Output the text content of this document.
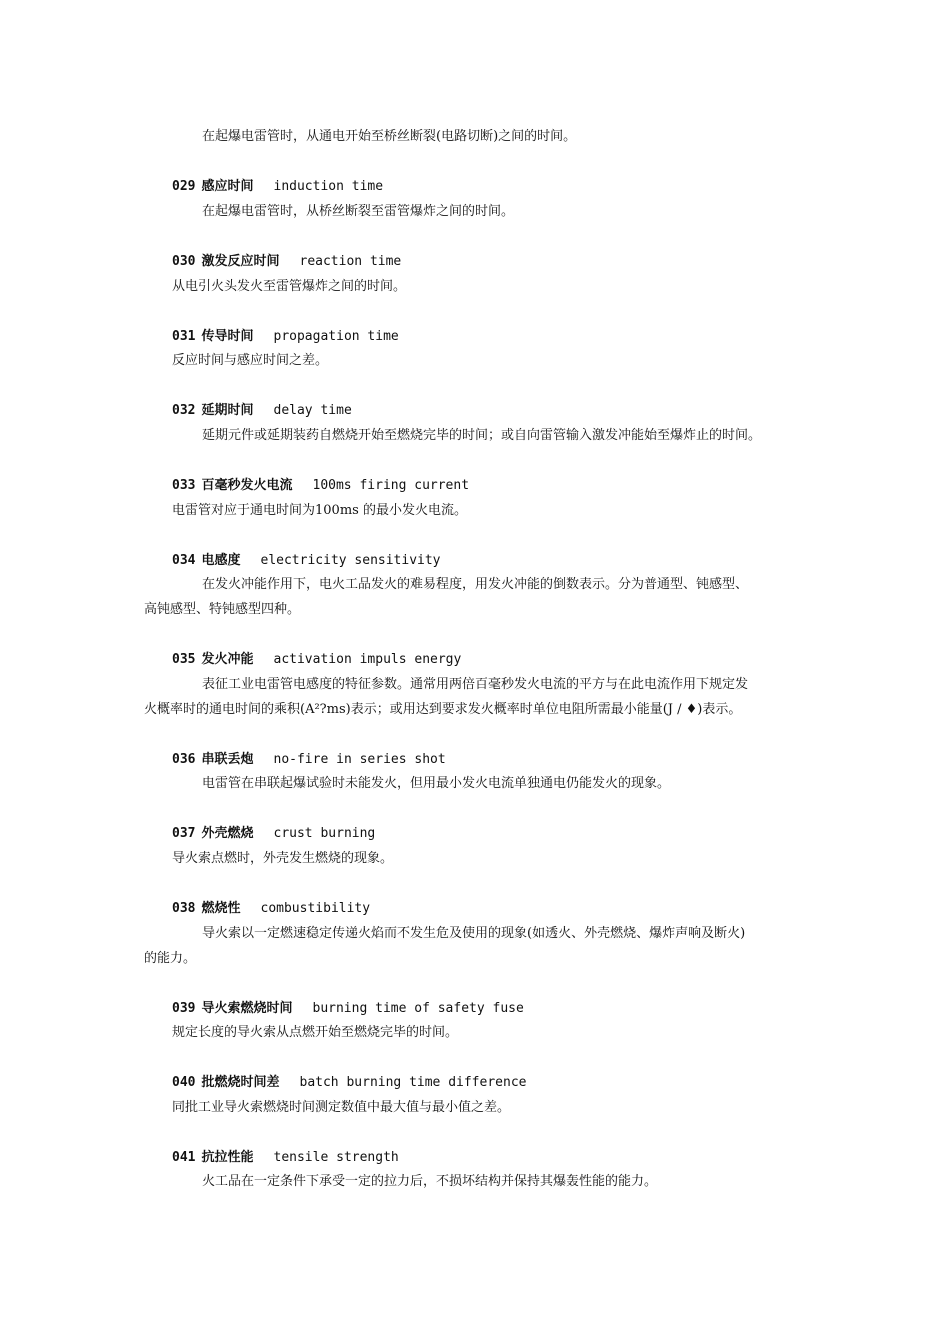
在起爆电雷管时，从通电开始至桥丝断裂(电路切断)之间的时间。
029 感应时间 induction time
在起爆电雷管时，从桥丝断裂至雷管爆炸之间的时间。
030 激发反应时间 reaction time
从电引火头发火至雷管爆炸之间的时间。
031 传导时间 propagation time
反应时间与感应时间之差。
032 延期时间 delay time
延期元件或延期装药自燃烧开始至燃烧完毕的时间；或自向雷管输入激发冲能始至爆炸止的时间。
033 百毫秒发火电流 100ms firing current
电雷管对应于通电时间为100ms 的最小发火电流。
034 电感度 electricity sensitivity
在发火冲能作用下，电火工品发火的难易程度，用发火冲能的倒数表示。分为普通型、钝感型、
高钝感型、特钝感型四种。
035 发火冲能 activation impuls energy
表征工业电雷管电感度的特征参数。通常用两倍百毫秒发火电流的平方与在此电流作用下规定发
火概率时的通电时间的乘积(A²?ms)表示；或用达到要求发火概率时单位电阻所需最小能量(J / ♦)表示。
036 串联丢炮 no-fire in series shot
电雷管在串联起爆试验时未能发火，但用最小发火电流单独通电仍能发火的现象。
037 外壳燃烧 crust burning
导火索点燃时，外壳发生燃烧的现象。
038 燃烧性 combustibility
导火索以一定燃速稳定传递火焰而不发生危及使用的现象(如透火、外壳燃烧、爆炸声响及断火)
的能力。
039 导火索燃烧时间 burning time of safety fuse
规定长度的导火索从点燃开始至燃烧完毕的时间。
040 批燃烧时间差 batch burning time difference
同批工业导火索燃烧时间测定数值中最大值与最小值之差。
041 抗拉性能 tensile strength
火工品在一定条件下承受一定的拉力后，不损坏结构并保持其爆轰性能的能力。
